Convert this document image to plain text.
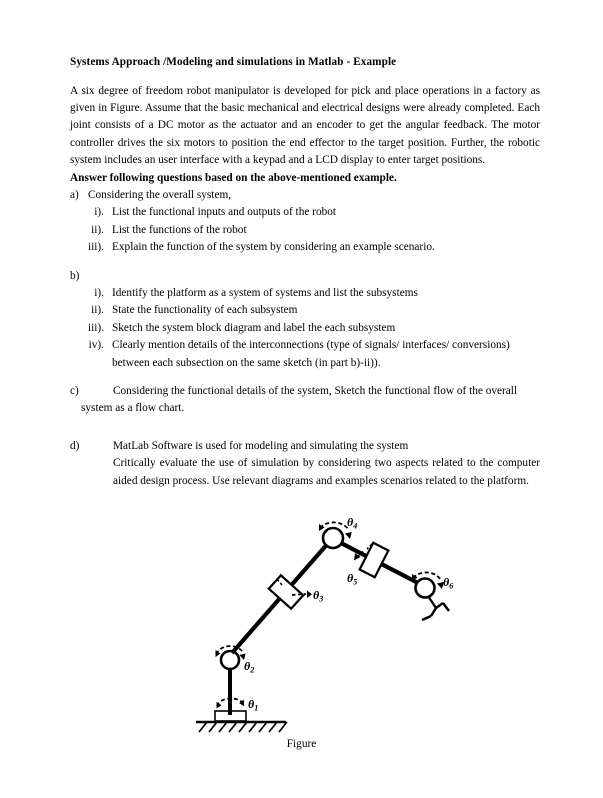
Systems Approach /Modeling and simulations in Matlab - Example

A six degree of freedom robot manipulator is developed for pick and place operations in a factory as given in Figure. Assume that the basic mechanical and electrical designs were already completed. Each joint consists of a DC motor as the actuator and an encoder to get the angular feedback. The motor controller drives the six motors to position the end effector to the target position. Further, the robotic system includes an user interface with a keypad and a LCD display to enter target positions.

Answer following questions based on the above-mentioned example.

a) Considering the overall system,
i). List the functional inputs and outputs of the robot
ii). List the functions of the robot
iii). Explain the function of the system by considering an example scenario.
b)
i). Identify the platform as a system of systems and list the subsystems
ii). State the functionality of each subsystem
iii). Sketch the system block diagram and label the each subsystem
iv). Clearly mention details of the interconnections (type of signals/ interfaces/ conversions)
between each subsection on the same sketch (in part b)-ii)).
c)	Considering the functional details of the system, Sketch the functional flow of the overall
system as a flow chart.
d)	MatLab Software is used for modeling and simulating the system
Critically evaluate the use of simulation by considering two aspects related to the computer aided design process. Use relevant diagrams and examples scenarios related to the platform.
$\theta_1$
$\theta_2$
$\theta_3$
$\theta_4$
$\theta_5$	$\theta_6$
Figure
